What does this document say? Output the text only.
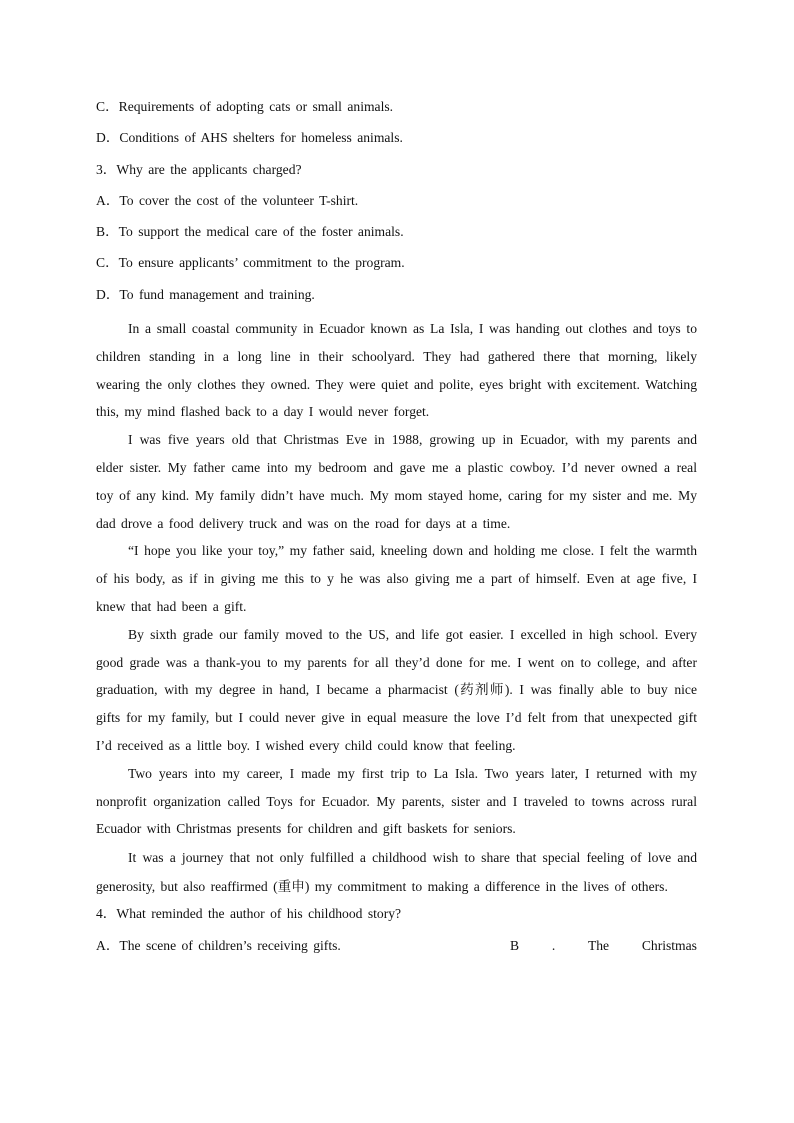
C．Requirements of adopting cats or small animals.
D．Conditions of AHS shelters for homeless animals.
3．Why are the applicants charged?
A．To cover the cost of the volunteer T-shirt.
B．To support the medical care of the foster animals.
C．To ensure applicants’ commitment to the program.
D．To fund management and training.

In a small coastal community in Ecuador known as La Isla, I was handing out clothes and toys to children standing in a long line in their schoolyard. They had gathered there that morning, likely wearing the only clothes they owned. They were quiet and polite, eyes bright with excitement. Watching this, my mind flashed back to a day I would never forget.

I was five years old that Christmas Eve in 1988, growing up in Ecuador, with my parents and elder sister. My father came into my bedroom and gave me a plastic cowboy. I’d never owned a real toy of any kind. My family didn’t have much. My mom stayed home, caring for my sister and me. My dad drove a food delivery truck and was on the road for days at a time.

“I hope you like your toy,” my father said, kneeling down and holding me close. I felt the warmth of his body, as if in giving me this to y he was also giving me a part of himself. Even at age five, I knew that had been a gift.

By sixth grade our family moved to the US, and life got easier. I excelled in high school. Every good grade was a thank-you to my parents for all they’d done for me. I went on to college, and after graduation, with my degree in hand, I became a pharmacist (药剂师). I was finally able to buy nice gifts for my family, but I could never give in equal measure the love I’d felt from that unexpected gift I’d received as a little boy. I wished every child could know that feeling.

Two years into my career, I made my first trip to La Isla. Two years later, I returned with my nonprofit organization called Toys for Ecuador. My parents, sister and I traveled to towns across rural Ecuador with Christmas presents for children and gift baskets for seniors.

It was a journey that not only fulfilled a childhood wish to share that special feeling of love and generosity, but also reaffirmed (重申) my commitment to making a difference in the lives of others.

4．What reminded the author of his childhood story?
A．The scene of children’s receiving gifts.	B . The Christmas
